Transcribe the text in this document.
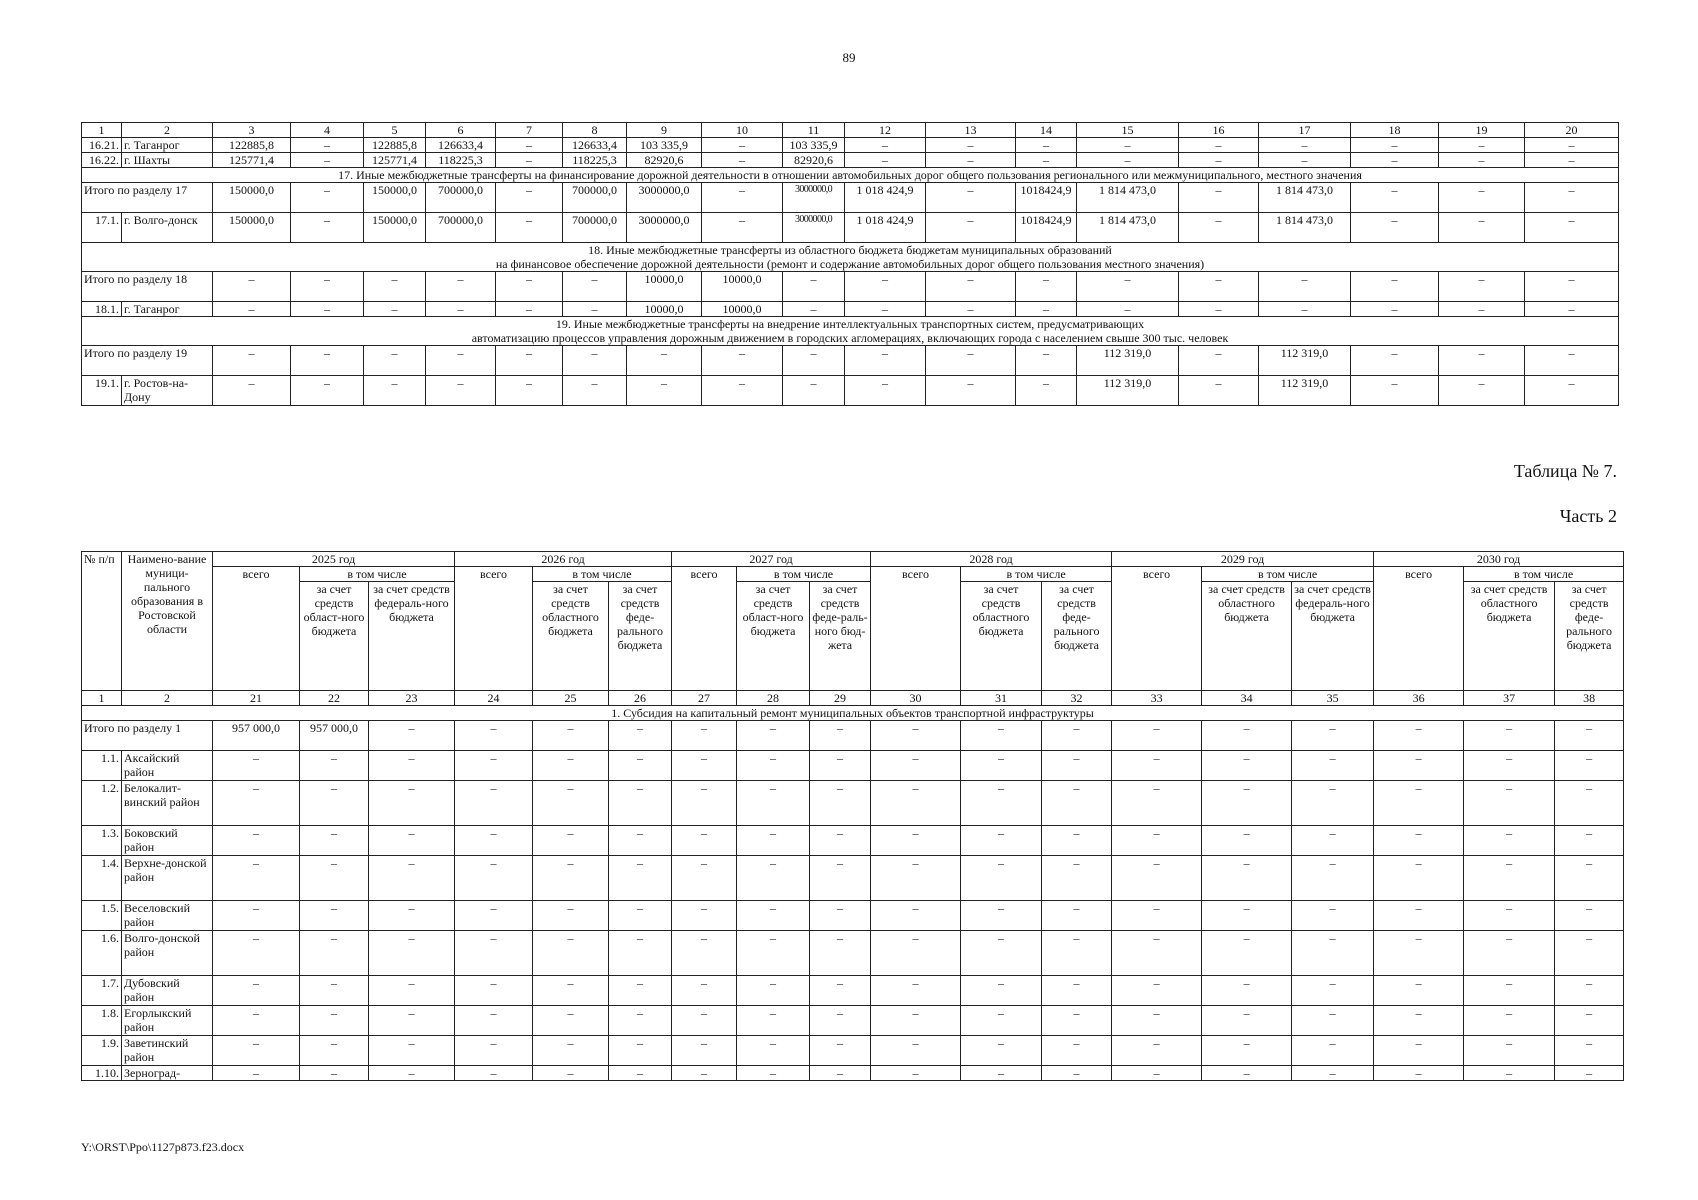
89
1	2	3	4	5	6	7	8	9	10	11	12	13	14	15	16	17	18	19	20
16.21.	г. Таганрог	122885,8	–	122885,8	126633,4	–	126633,4	103 335,9	–	103 335,9	–	–	–	–	–	–	–	–	–
16.22.	г. Шахты	125771,4	–	125771,4	118225,3	–	118225,3	82920,6	–	82920,6	–	–	–	–	–	–	–	–	–

17. Иные межбюджетные трансферты на финансирование дорожной деятельности в отношении автомобильных дорог общего пользования регионального или межмуниципального, местного значения																			

Итого по разделу 17		150000,0	–	150000,0	700000,0	–	700000,0	3000000,0	–	3000000,0	1 018 424,9	–	1018424,9	1 814 473,0	–	1 814 473,0	–	–	–
17.1.	г. Волго-донск	150000,0	–	150000,0	700000,0	–	700000,0	3000000,0	–	3000000,0	1 018 424,9	–	1018424,9	1 814 473,0	–	1 814 473,0	–	–	–

18. Иные межбюджетные трансферты из областного бюджета бюджетам муниципальных образований
на финансовое обеспечение дорожной деятельности (ремонт и содержание автомобильных дорог общего пользования местного значения)																			

Итого по разделу 18		–	–	–	–	–	–	10000,0	10000,0	–	–	–	–	–	–	–	–	–	–
18.1.	г. Таганрог	–	–	–	–	–	–	10000,0	10000,0	–	–	–	–	–	–	–	–	–	–

19. Иные межбюджетные трансферты на внедрение интеллектуальных транспортных систем, предусматривающих
автоматизацию процессов управления дорожным движением в городских агломерациях, включающих города с населением свыше 300 тыс. человек																			

Итого по разделу 19		–	–	–	–	–	–	–	–	–	–	–	–	112 319,0	–	112 319,0	–	–	–
19.1.	г. Ростов-на-Дону	–	–	–	–	–	–	–	–	–	–	–	–	112 319,0	–	112 319,0	–	–	–
Таблица № 7.
Часть 2
№ п/п	Наимено-вание муници-пального образования в Ростовской области	2025 год			2026 год			2027 год			2028 год			2029 год			2030 год		
		всего	в том числе		всего	в том числе		всего	в том числе		всего	в том числе		всего	в том числе		всего	в том числе	
			за счет средств област-ного бюджета	за счет средств федераль-ного бюджета		за счет средств областного бюджета	за счет средств феде-рального бюджета		за счет средств област-ного бюджета	за счет средств феде-раль-ного бюд-жета		за счет средств областного бюджета	за счет средств феде-рального бюджета		за счет средств областного бюджета	за счет средств федераль-ного бюджета		за счет средств областного бюджета	за счет средств феде-рального бюджета
1	2	21	22	23	24	25	26	27	28	29	30	31	32	33	34	35	36	37	38

1. Субсидия на капитальный ремонт муниципальных объектов транспортной инфраструктуры																			

Итого по разделу 1		957 000,0	957 000,0	–	–	–	–	–	–	–	–	–	–	–	–	–	–	–	–
1.1.	Аксайский район	–	–	–	–	–	–	–	–	–	–	–	–	–	–	–	–	–	–
1.2.	Белокалит-винский район	–	–	–	–	–	–	–	–	–	–	–	–	–	–	–	–	–	–
1.3.	Боковский район	–	–	–	–	–	–	–	–	–	–	–	–	–	–	–	–	–	–
1.4.	Верхне-донской район	–	–	–	–	–	–	–	–	–	–	–	–	–	–	–	–	–	–
1.5.	Веселовский район	–	–	–	–	–	–	–	–	–	–	–	–	–	–	–	–	–	–
1.6.	Волго-донской район	–	–	–	–	–	–	–	–	–	–	–	–	–	–	–	–	–	–
1.7.	Дубовский район	–	–	–	–	–	–	–	–	–	–	–	–	–	–	–	–	–	–
1.8.	Егорлыкский район	–	–	–	–	–	–	–	–	–	–	–	–	–	–	–	–	–	–
1.9.	Заветинский район	–	–	–	–	–	–	–	–	–	–	–	–	–	–	–	–	–	–
1.10.	Зерноград-	–	–	–	–	–	–	–	–	–	–	–	–	–	–	–	–	–	–
Y:\ORST\Ppo\1127p873.f23.docx
